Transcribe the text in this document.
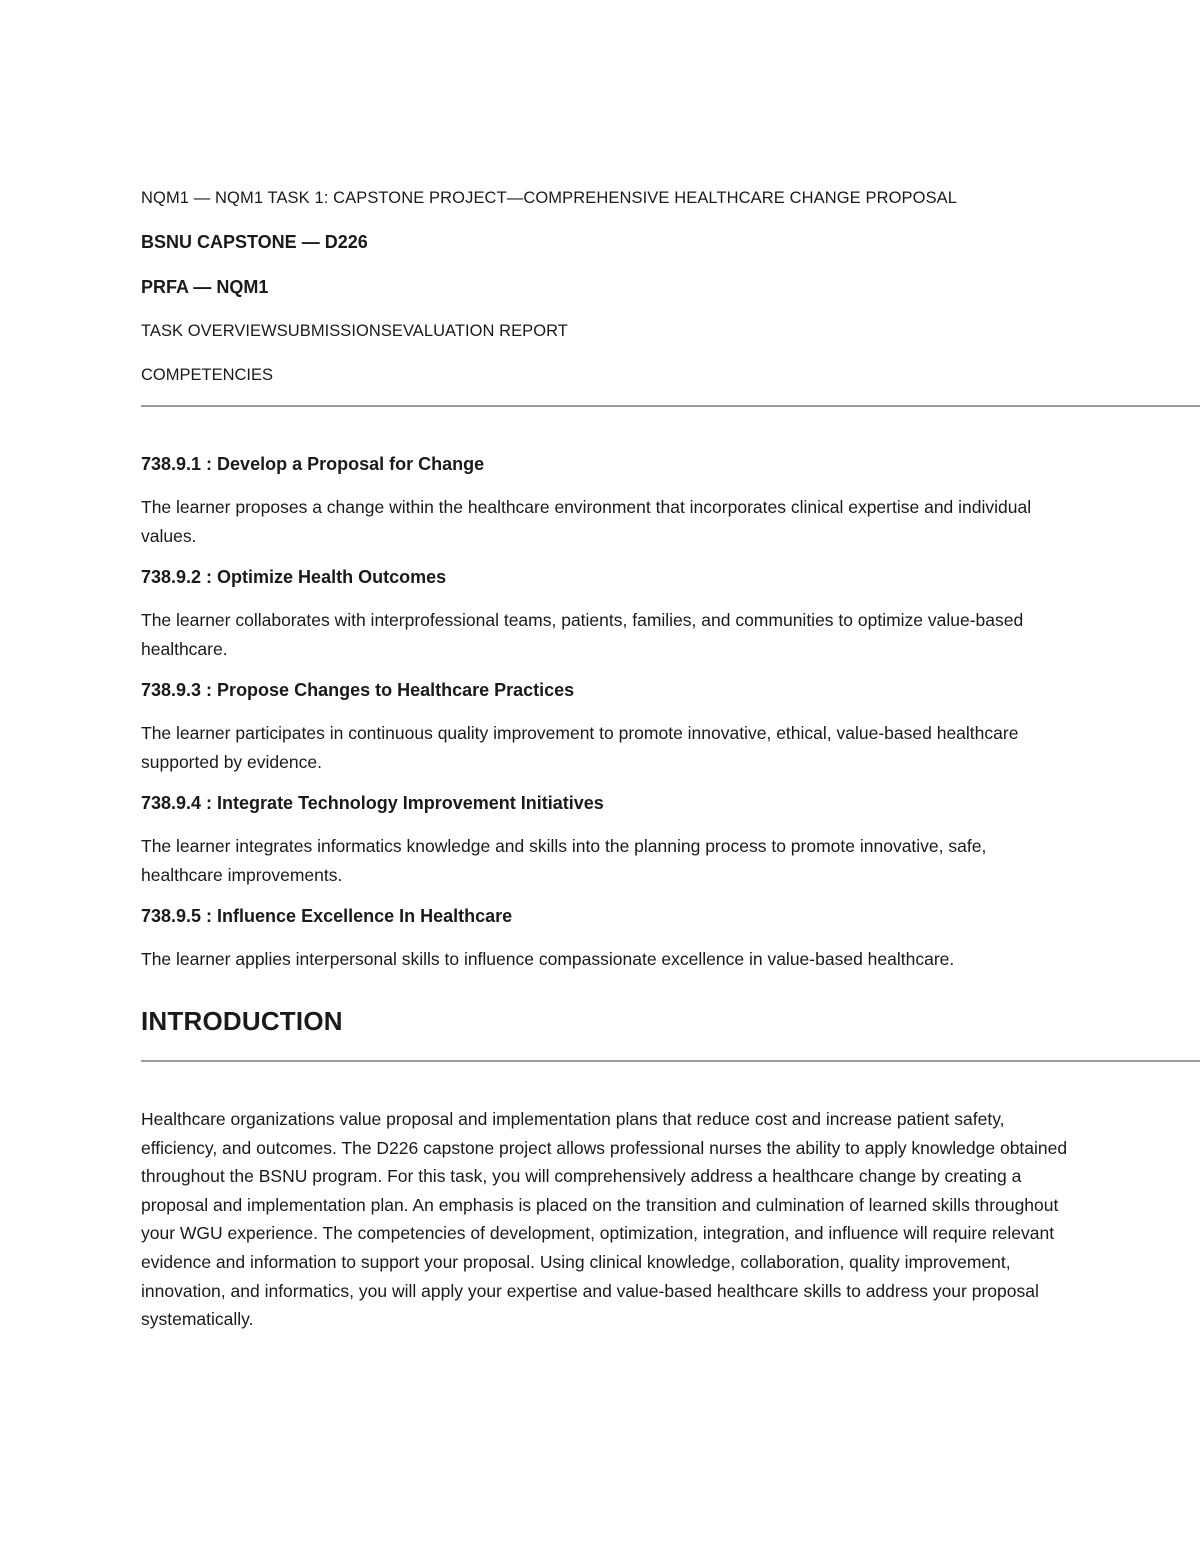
NQM1 — NQM1 TASK 1: CAPSTONE PROJECT—COMPREHENSIVE HEALTHCARE CHANGE PROPOSAL
BSNU CAPSTONE — D226
PRFA — NQM1
TASK OVERVIEWSUBMISSIONSEVALUATION REPORT
COMPETENCIES

738.9.1 : Develop a Proposal for Change

The learner proposes a change within the healthcare environment that incorporates clinical expertise and individual values.

738.9.2 : Optimize Health Outcomes

The learner collaborates with interprofessional teams, patients, families, and communities to optimize value-based healthcare.

738.9.3 : Propose Changes to Healthcare Practices

The learner participates in continuous quality improvement to promote innovative, ethical, value-based healthcare supported by evidence.

738.9.4 : Integrate Technology Improvement Initiatives

The learner integrates informatics knowledge and skills into the planning process to promote innovative, safe, healthcare improvements.

738.9.5 : Influence Excellence In Healthcare

The learner applies interpersonal skills to influence compassionate excellence in value-based healthcare.

INTRODUCTION

Healthcare organizations value proposal and implementation plans that reduce cost and increase patient safety, efficiency, and outcomes. The D226 capstone project allows professional nurses the ability to apply knowledge obtained throughout the BSNU program. For this task, you will comprehensively address a healthcare change by creating a proposal and implementation plan. An emphasis is placed on the transition and culmination of learned skills throughout your WGU experience. The competencies of development, optimization, integration, and influence will require relevant evidence and information to support your proposal. Using clinical knowledge, collaboration, quality improvement, innovation, and informatics, you will apply your expertise and value-based healthcare skills to address your proposal systematically.
